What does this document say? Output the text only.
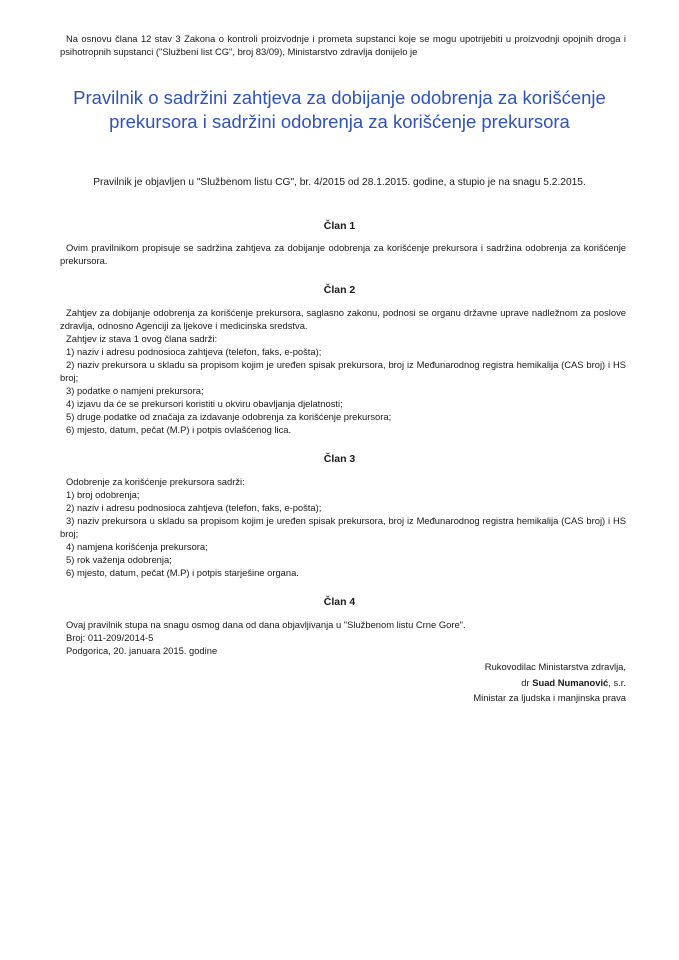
Na osnovu člana 12 stav 3 Zakona o kontroli proizvodnje i prometa supstanci koje se mogu upotrijebiti u proizvodnji opojnih droga i psihotropnih supstanci ("Službeni list CG", broj 83/09), Ministarstvo zdravlja donijelo je
Pravilnik o sadržini zahtjeva za dobijanje odobrenja za korišćenje prekursora i sadržini odobrenja za korišćenje prekursora
Pravilnik je objavljen u "Službenom listu CG", br. 4/2015 od 28.1.2015. godine, a stupio je na snagu 5.2.2015.
Član 1

Ovim pravilnikom propisuje se sadržina zahtjeva za dobijanje odobrenja za korišćenje prekursora i sadržina odobrenja za korišćenje prekursora.

Član 2

Zahtjev za dobijanje odobrenja za korišćenje prekursora, saglasno zakonu, podnosi se organu državne uprave nadležnom za poslove zdravlja, odnosno Agenciji za ljekove i medicinska sredstva.

Zahtjev iz stava 1 ovog člana sadrži:

1) naziv i adresu podnosioca zahtjeva (telefon, faks, e-pošta);

2) naziv prekursora u skladu sa propisom kojim je uređen spisak prekursora, broj iz Međunarodnog registra hemikalija (CAS broj) i HS broj;

3) podatke o namjeni prekursora;

4) izjavu da će se prekursori koristiti u okviru obavljanja djelatnosti;

5) druge podatke od značaja za izdavanje odobrenja za korišćenje prekursora;

6) mjesto, datum, pečat (M.P) i potpis ovlašćenog lica.

Član 3

Odobrenje za korišćenje prekursora sadrži:

1) broj odobrenja;

2) naziv i adresu podnosioca zahtjeva (telefon, faks, e-pošta);

3) naziv prekursora u skladu sa propisom kojim je uređen spisak prekursora, broj iz Međunarodnog registra hemikalija (CAS broj) i HS broj;

4) namjena korišćenja prekursora;

5) rok važenja odobrenja;

6) mjesto, datum, pečat (M.P) i potpis starješine organa.

Član 4

Ovaj pravilnik stupa na snagu osmog dana od dana objavljivanja u "Službenom listu Crne Gore".

Broj: 011-209/2014-5

Podgorica, 20. januara 2015. godine

Rukovodilac Ministarstva zdravlja,

dr Suad Numanović, s.r.

Ministar za ljudska i manjinska prava
